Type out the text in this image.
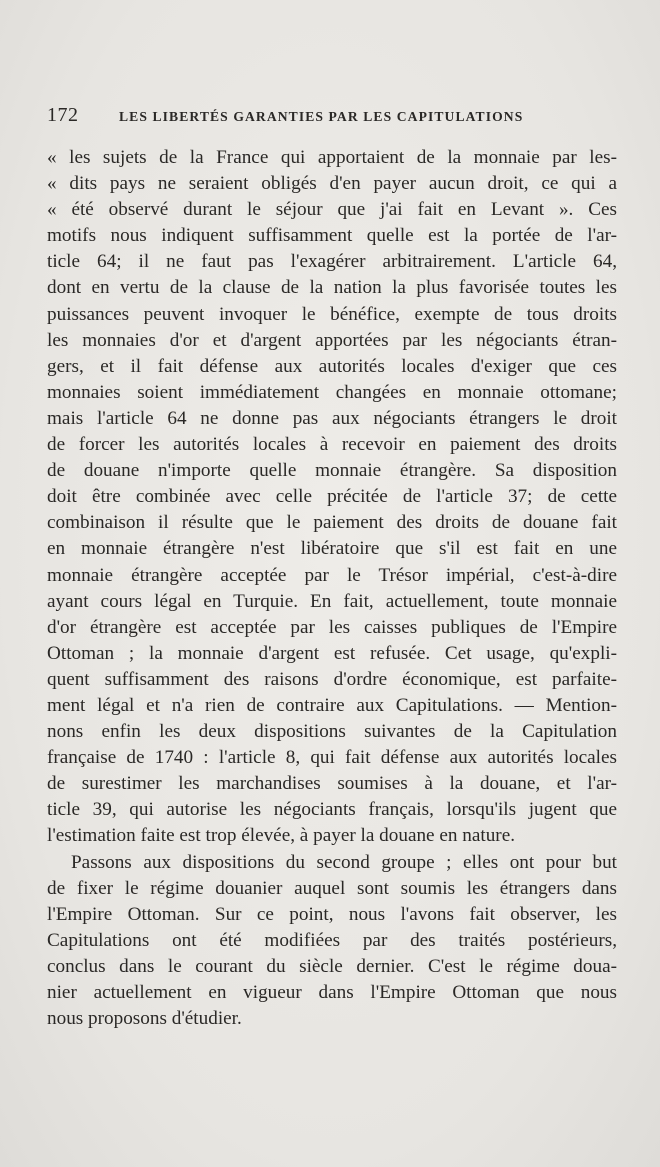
172	LES LIBERTÉS GARANTIES PAR LES CAPITULATIONS
« les sujets de la France qui apportaient de la monnaie par les-
« dits pays ne seraient obligés d'en payer aucun droit, ce qui a
« été observé durant le séjour que j'ai fait en Levant ». Ces
motifs nous indiquent suffisamment quelle est la portée de l'ar-
ticle 64; il ne faut pas l'exagérer arbitrairement. L'article 64,
dont en vertu de la clause de la nation la plus favorisée toutes les
puissances peuvent invoquer le bénéfice, exempte de tous droits
les monnaies d'or et d'argent apportées par les négociants étran-
gers, et il fait défense aux autorités locales d'exiger que ces
monnaies soient immédiatement changées en monnaie ottomane;
mais l'article 64 ne donne pas aux négociants étrangers le droit
de forcer les autorités locales à recevoir en paiement des droits
de douane n'importe quelle monnaie étrangère. Sa disposition
doit être combinée avec celle précitée de l'article 37; de cette
combinaison il résulte que le paiement des droits de douane fait
en monnaie étrangère n'est libératoire que s'il est fait en une
monnaie étrangère acceptée par le Trésor impérial, c'est-à-dire
ayant cours légal en Turquie. En fait, actuellement, toute monnaie
d'or étrangère est acceptée par les caisses publiques de l'Empire
Ottoman ; la monnaie d'argent est refusée. Cet usage, qu'expli-
quent suffisamment des raisons d'ordre économique, est parfaite-
ment légal et n'a rien de contraire aux Capitulations. — Mention-
nons enfin les deux dispositions suivantes de la Capitulation
française de 1740 : l'article 8, qui fait défense aux autorités locales
de surestimer les marchandises soumises à la douane, et l'ar-
ticle 39, qui autorise les négociants français, lorsqu'ils jugent que
l'estimation faite est trop élevée, à payer la douane en nature.
Passons aux dispositions du second groupe ; elles ont pour but
de fixer le régime douanier auquel sont soumis les étrangers dans
l'Empire Ottoman. Sur ce point, nous l'avons fait observer, les
Capitulations ont été modifiées par des traités postérieurs,
conclus dans le courant du siècle dernier. C'est le régime doua-
nier actuellement en vigueur dans l'Empire Ottoman que nous
nous proposons d'étudier.
